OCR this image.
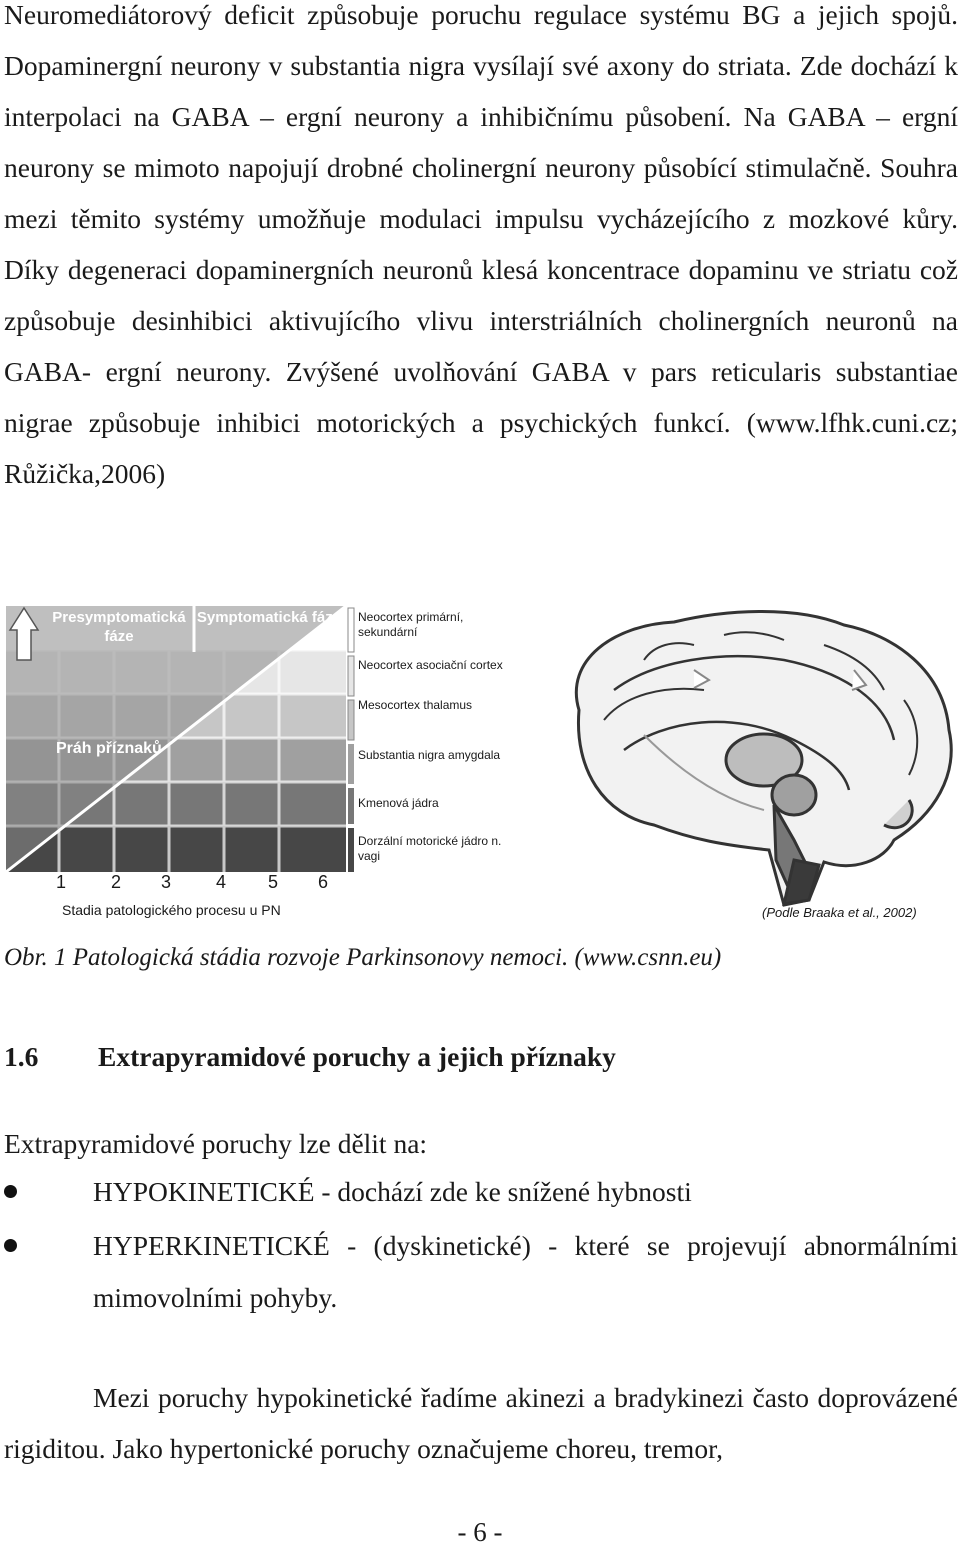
Neuromediátorový deficit způsobuje poruchu regulace systému BG a jejich spojů. Dopaminergní neurony v substantia nigra vysílají své axony do striata. Zde dochází k interpolaci na GABA – ergní neurony a inhibičnímu působení. Na GABA – ergní neurony se mimoto napojují drobné cholinergní neurony působící stimulačně. Souhra mezi těmito systémy umožňuje modulaci impulsu vycházejícího z mozkové kůry. Díky degeneraci dopaminergních neuronů klesá koncentrace dopaminu ve striatu což způsobuje desinhibici aktivujícího vlivu interstriálních cholinergních neuronů na GABA- ergní neurony. Zvýšené uvolňování GABA v pars reticularis substantiae nigrae způsobuje inhibici motorických a psychických funkcí. (www.lfhk.cuni.cz; Růžička,2006)

Presymptomatická fáze
Symptomatická fáze
Práh příznaků
1 2 3 4 5 6
Stadia patologického procesu u PN
Neocortex primární, sekundární
Neocortex asociační cortex
Mesocortex thalamus
Substantia nigra amygdala
Kmenová jádra
Dorzální motorické jádro n. vagi
(Podle Braaka et al., 2002)
Obr. 1 Patologická stádia rozvoje Parkinsonovy nemoci. (www.csnn.eu)
1.6 Extrapyramidové poruchy a jejich příznaky
Extrapyramidové poruchy lze dělit na:
HYPOKINETICKÉ - dochází zde ke snížené hybnosti
HYPERKINETICKÉ - (dyskinetické) - které se projevují abnormálními mimovolními pohyby.

Mezi poruchy hypokinetické řadíme akinezi a bradykinezi často doprovázené rigiditou. Jako hypertonické poruchy označujeme choreu, tremor,

- 6 -
